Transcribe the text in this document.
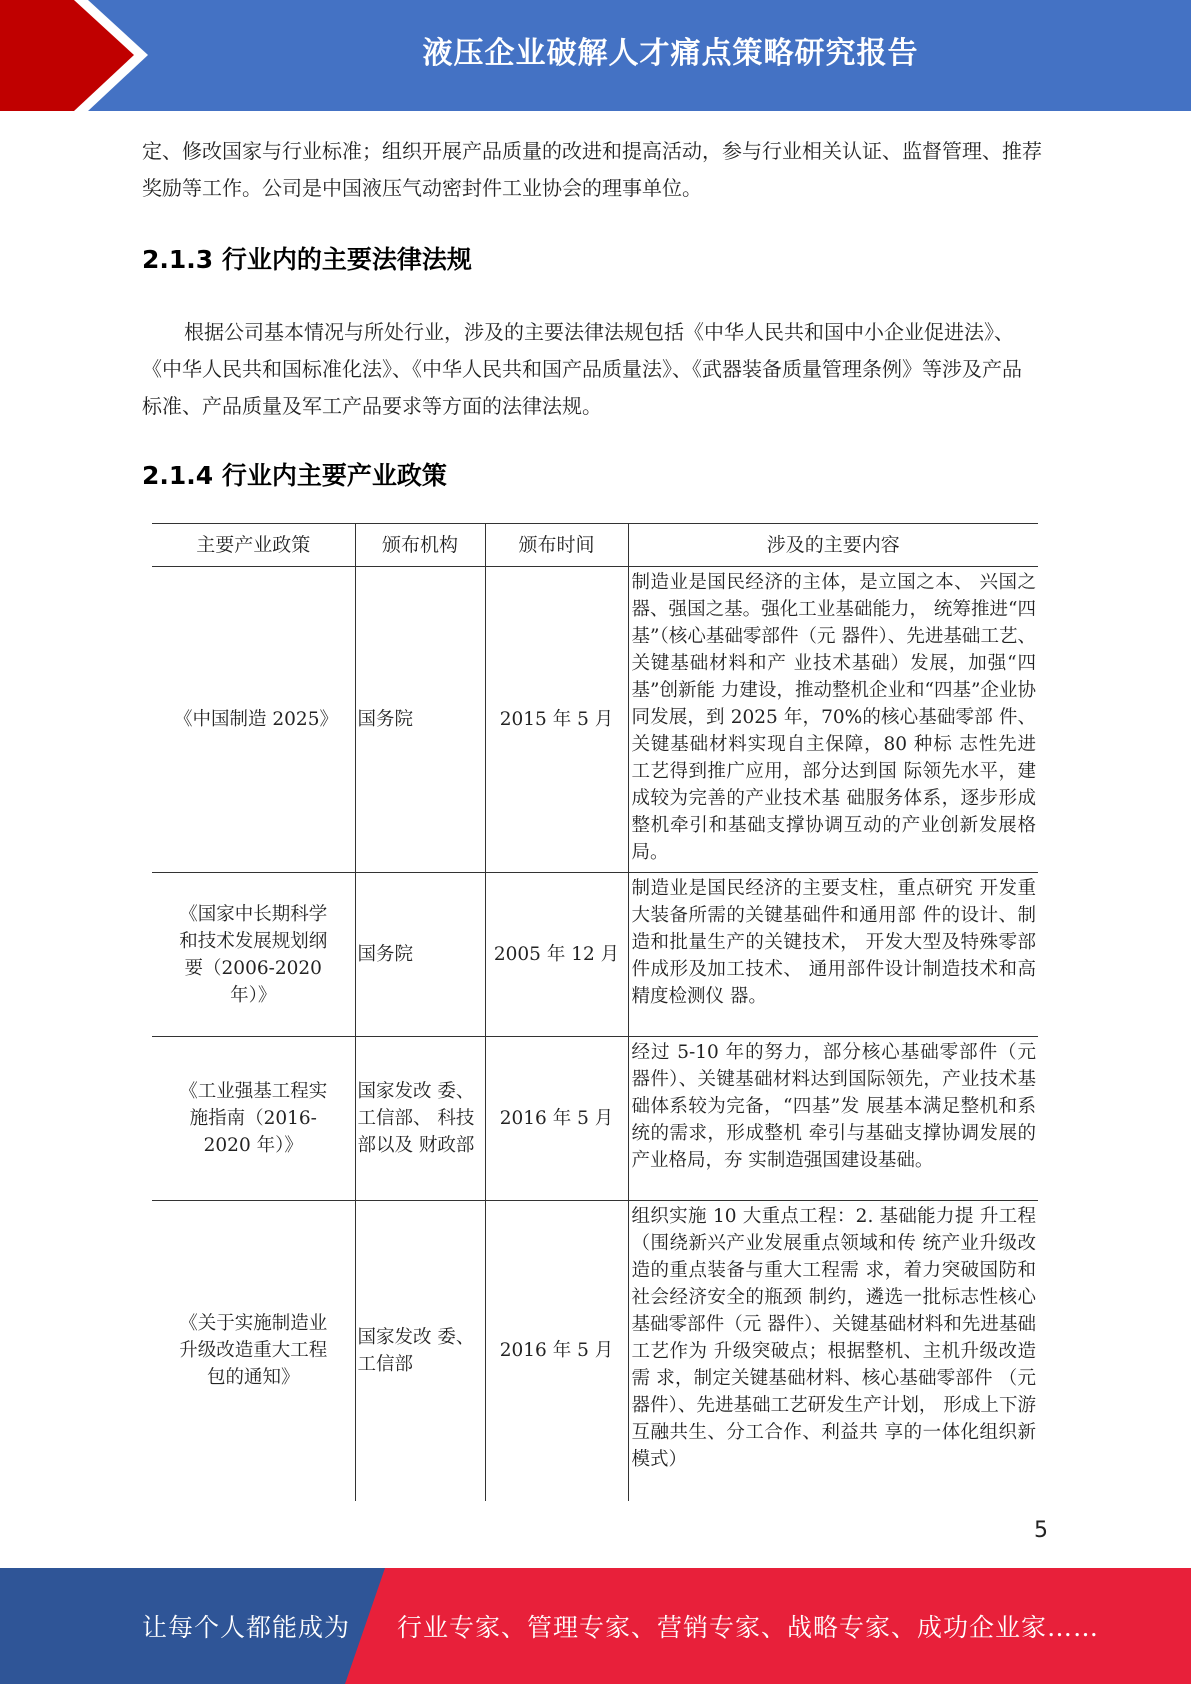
液压企业破解人才痛点策略研究报告

定、修改国家与行业标准；组织开展产品质量的改进和提高活动，参与行业相关认证、监督管理、推荐奖励等工作。公司是中国液压气动密封件工业协会的理事单位。

2.1.3 行业内的主要法律法规

根据公司基本情况与所处行业，涉及的主要法律法规包括《中华人民共和国中小企业促进法》、《中华人民共和国标准化法》、《中华人民共和国产品质量法》、《武器装备质量管理条例》等涉及产品标准、产品质量及军工产品要求等方面的法律法规。

2.1.4 行业内主要产业政策
主要产业政策	颁布机构	颁布时间	涉及的主要内容
《中国制造 2025》	国务院	2015 年 5 月	制造业是国民经济的主体，是立国之本、 兴国之器、强国之基。强化工业基础能力， 统筹推进“四基”（核心基础零部件（元 器件）、先进基础工艺、关键基础材料和产 业技术基础）发展，加强“四基”创新能 力建设，推动整机企业和“四基”企业协 同发展，到 2025 年，70%的核心基础零部 件、关键基础材料实现自主保障，80 种标 志性先进工艺得到推广应用，部分达到国 际领先水平，建成较为完善的产业技术基 础服务体系，逐步形成整机牵引和基础支撑协调互动的产业创新发展格局。
《国家中长期科学和技术发展规划纲要（2006-2020 年）》	国务院	2005 年 12 月	制造业是国民经济的主要支柱，重点研究 开发重大装备所需的关键基础件和通用部 件的设计、制造和批量生产的关键技术， 开发大型及特殊零部件成形及加工技术、 通用部件设计制造技术和高精度检测仪 器。
《工业强基工程实施指南（2016-2020 年）》	国家发改 委、工信部、 科技部以及 财政部	2016 年 5 月	经过 5-10 年的努力，部分核心基础零部件（元器件）、关键基础材料达到国际领先，产业技术基础体系较为完备，“四基”发 展基本满足整机和系统的需求，形成整机 牵引与基础支撑协调发展的产业格局，夯 实制造强国建设基础。
《关于实施制造业升级改造重大工程包的通知》	国家发改 委、工信部	2016 年 5 月	组织实施 10 大重点工程：2. 基础能力提 升工程（围绕新兴产业发展重点领域和传 统产业升级改造的重点装备与重大工程需 求，着力突破国防和社会经济安全的瓶颈 制约，遴选一批标志性核心基础零部件（元 器件）、关键基础材料和先进基础工艺作为 升级突破点；根据整机、主机升级改造需 求，制定关键基础材料、核心基础零部件 （元器件）、先进基础工艺研发生产计划， 形成上下游互融共生、分工合作、利益共 享的一体化组织新模式）
5
让每个人都能成为 行业专家、管理专家、营销专家、战略专家、成功企业家……
